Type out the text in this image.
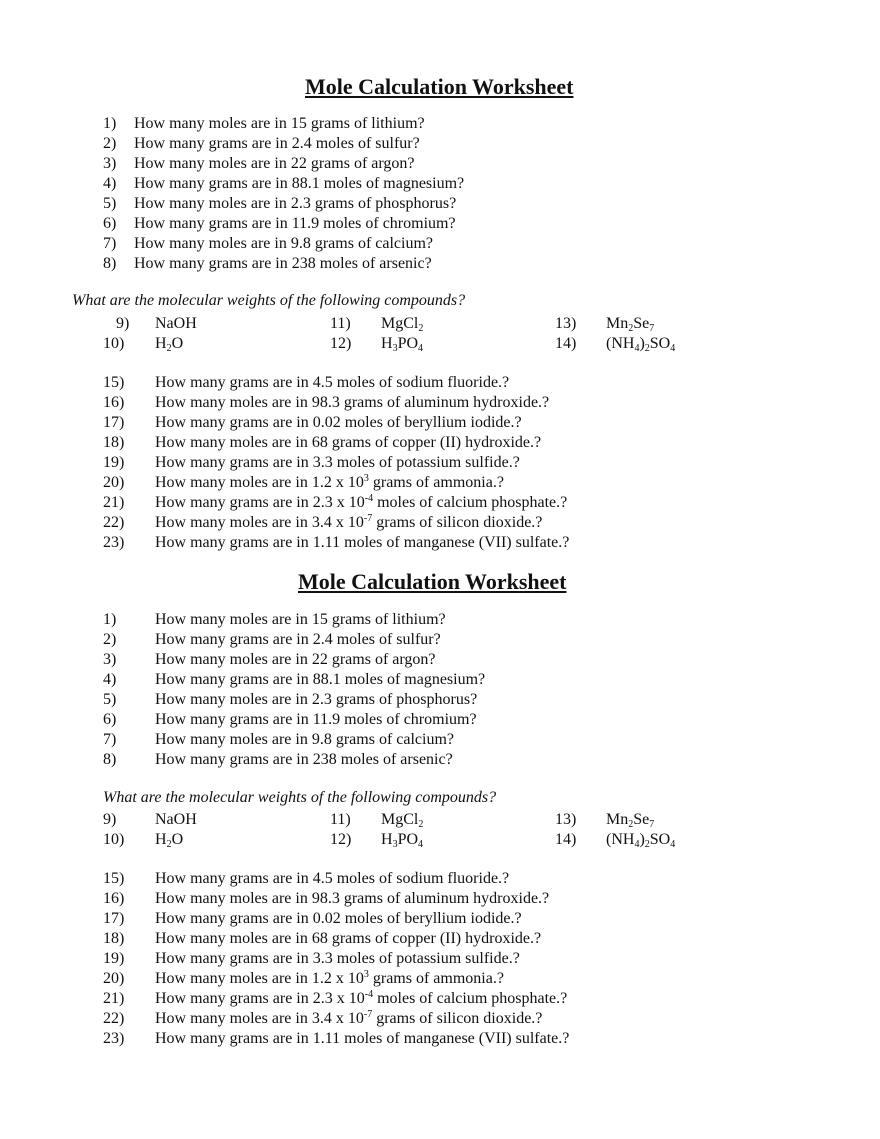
Mole Calculation Worksheet
1) How many moles are in 15 grams of lithium?
2) How many grams are in 2.4 moles of sulfur?
3) How many moles are in 22 grams of argon?
4) How many grams are in 88.1 moles of magnesium?
5) How many moles are in 2.3 grams of phosphorus?
6) How many grams are in 11.9 moles of chromium?
7) How many moles are in 9.8 grams of calcium?
8) How many grams are in 238 moles of arsenic?
What are the molecular weights of the following compounds?
9) NaOH	11) MgCl$_2$	13) $Mn_2Se_7$
10) $H_2O$	12) $H_3PO_4$	14) $(NH_4)_2SO_4$
15) How many grams are in 4.5 moles of sodium fluoride.?
16) How many moles are in 98.3 grams of aluminum hydroxide.?
17) How many grams are in 0.02 moles of beryllium iodide.?
18) How many moles are in 68 grams of copper (II) hydroxide.?
19) How many grams are in 3.3 moles of potassium sulfide.?
20) How many moles are in 1.2 x $10^3$ grams of ammonia.?
21) How many grams are in 2.3 x $10^{-4}$ moles of calcium phosphate.?
22) How many moles are in 3.4 x $10^{-7}$ grams of silicon dioxide.?
23) How many grams are in 1.11 moles of manganese (VII) sulfate.?
Mole Calculation Worksheet
1) How many moles are in 15 grams of lithium?
2) How many grams are in 2.4 moles of sulfur?
3) How many moles are in 22 grams of argon?
4) How many grams are in 88.1 moles of magnesium?
5) How many moles are in 2.3 grams of phosphorus?
6) How many grams are in 11.9 moles of chromium?
7) How many moles are in 9.8 grams of calcium?
8) How many grams are in 238 moles of arsenic?
What are the molecular weights of the following compounds?
9) NaOH	11) MgCl$_2$	13) $Mn_2Se_7$
10) $H_2O$	12) $H_3PO_4$	14) $(NH_4)_2SO_4$
15) How many grams are in 4.5 moles of sodium fluoride.?
16) How many moles are in 98.3 grams of aluminum hydroxide.?
17) How many grams are in 0.02 moles of beryllium iodide.?
18) How many moles are in 68 grams of copper (II) hydroxide.?
19) How many grams are in 3.3 moles of potassium sulfide.?
20) How many moles are in 1.2 x $10^3$ grams of ammonia.?
21) How many grams are in 2.3 x $10^{-4}$ moles of calcium phosphate.?
22) How many moles are in 3.4 x $10^{-7}$ grams of silicon dioxide.?
23) How many grams are in 1.11 moles of manganese (VII) sulfate.?
